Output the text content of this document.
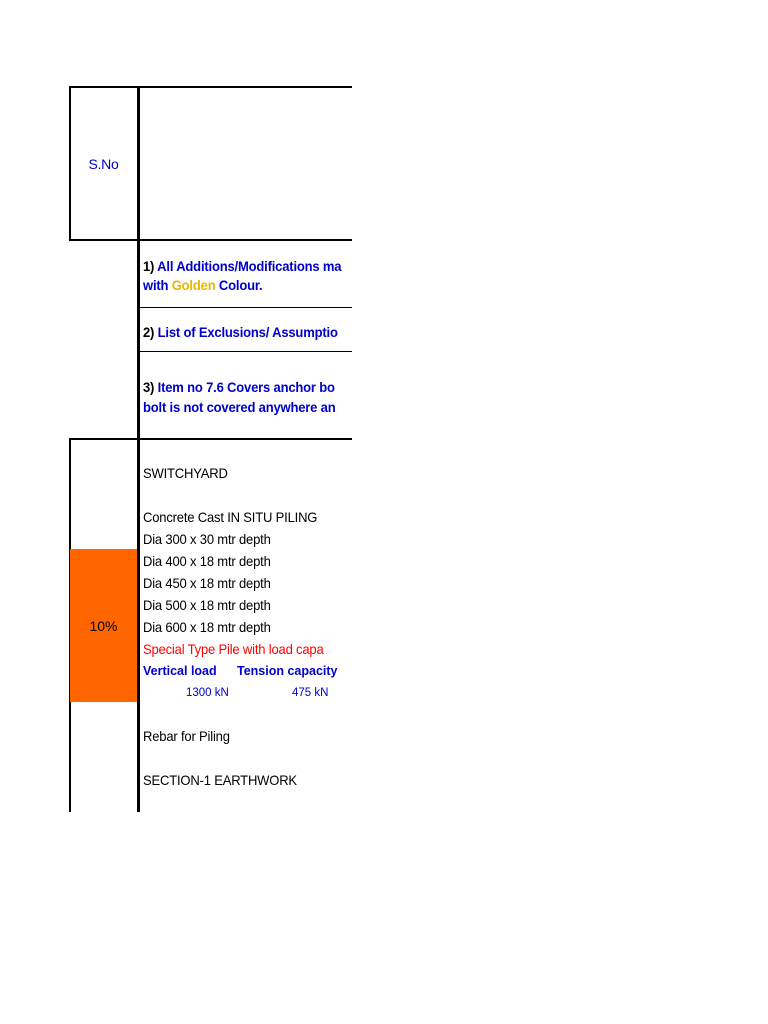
S.No
1) All Additions/Modifications ma
with Golden Colour.
2) List of Exclusions/ Assumptio
3) Item no 7.6 Covers anchor bo
bolt is not covered anywhere an
10%
SWITCHYARD
Concrete Cast IN SITU PILING
Dia 300 x 30 mtr depth
Dia 400 x 18 mtr depth
Dia 450 x 18 mtr depth
Dia 500 x 18 mtr depth
Dia 600 x 18 mtr depth
Special Type Pile with load capa
Vertical load Tension capacity
1300 kN	475 kN
Rebar for Piling
SECTION-1 EARTHWORK
